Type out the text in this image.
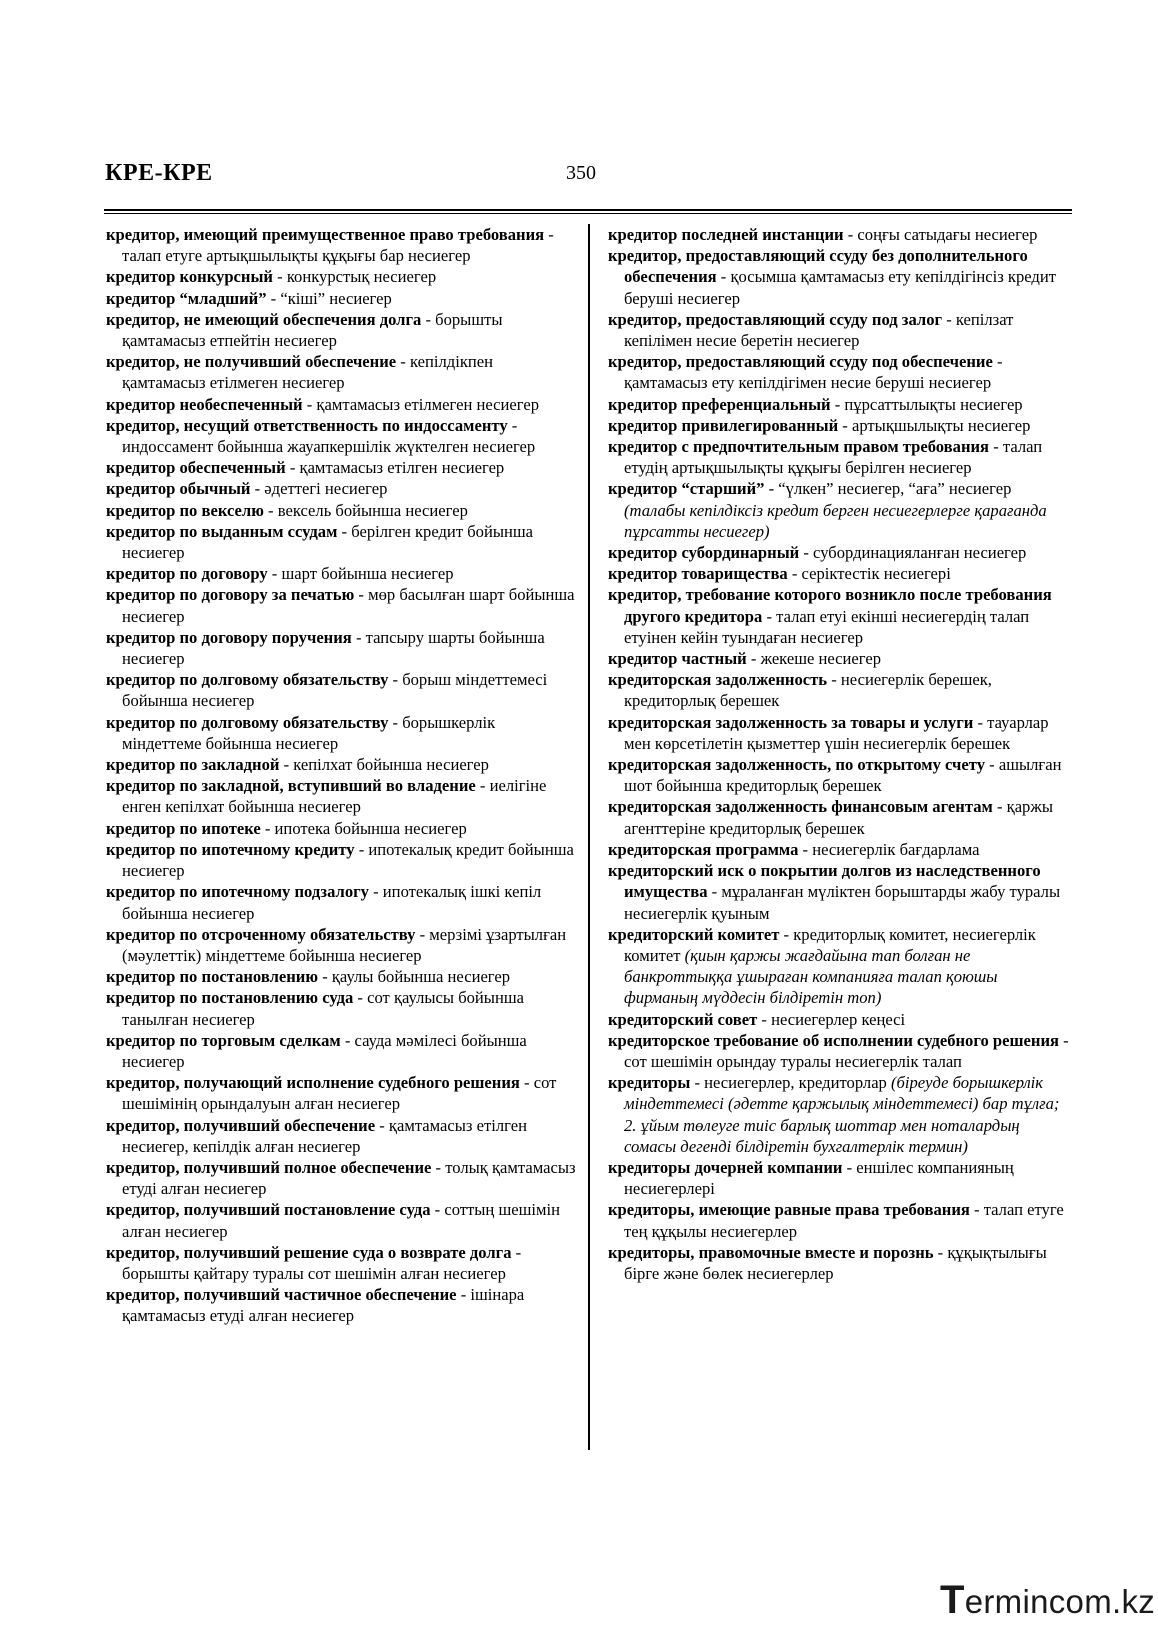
КРЕ-КРЕ	350
кредитор, имеющий преимущественное право требования - талап етуге артықшылықты құқығы бар несиегер
кредитор конкурсный - конкурстық несиегер
кредитор “младший” - “кіші” несиегер
кредитор, не имеющий обеспечения долга - борышты қамтамасыз етпейтін несиегер
кредитор, не получивший обеспечение - кепілдікпен қамтамасыз етілмеген несиегер
кредитор необеспеченный - қамтамасыз етілмеген несиегер
кредитор, несущий ответственность по индоссаменту - индоссамент бойынша жауапкершілік жүктелген несиегер
кредитор обеспеченный - қамтамасыз етілген несиегер
кредитор обычный - әдеттегі несиегер
кредитор по векселю - вексель бойынша несиегер
кредитор по выданным ссудам - берілген кредит бойынша несиегер
кредитор по договору - шарт бойынша несиегер
кредитор по договору за печатью - мөр басылған шарт бойынша несиегер
кредитор по договору поручения - тапсыру шарты бойынша несиегер
кредитор по долговому обязательству - борыш міндеттемесі бойынша несиегер
кредитор по долговому обязательству - борышкерлік міндеттеме бойынша несиегер
кредитор по закладной - кепілхат бойынша несиегер
кредитор по закладной, вступивший во владение - иелігіне енген кепілхат бойынша несиегер
кредитор по ипотеке - ипотека бойынша несиегер
кредитор по ипотечному кредиту - ипотекалық кредит бойынша несиегер
кредитор по ипотечному подзалогу - ипотекалық ішкі кепіл бойынша несиегер
кредитор по отсроченному обязательству - мерзімі ұзартылған (мәулеттік) міндеттеме бойынша несиегер
кредитор по постановлению - қаулы бойынша несиегер
кредитор по постановлению суда - сот қаулысы бойынша танылған несиегер
кредитор по торговым сделкам - сауда мәмілесі бойынша несиегер
кредитор, получающий исполнение судебного решения - сот шешімінің орындалуын алған несиегер
кредитор, получивший обеспечение - қамтамасыз етілген несиегер, кепілдік алған несиегер
кредитор, получивший полное обеспечение - толық қамтамасыз етуді алған несиегер
кредитор, получивший постановление суда - соттың шешімін алған несиегер
кредитор, получивший решение суда о возврате долга - борышты қайтару туралы сот шешімін алған несиегер
кредитор, получивший частичное обеспечение - ішінара қамтамасыз етуді алған несиегер
кредитор последней инстанции - соңғы сатыдағы несиегер
кредитор, предоставляющий ссуду без дополнительного обеспечения - қосымша қамтамасыз ету кепілдігінсіз кредит беруші несиегер
кредитор, предоставляющий ссуду под залог - кепілзат кепілімен несие беретін несиегер
кредитор, предоставляющий ссуду под обеспечение - қамтамасыз ету кепілдігімен несие беруші несиегер
кредитор преференциальный - пұрсаттылықты несиегер
кредитор привилегированный - артықшылықты несиегер
кредитор с предпочтительным правом требования - талап етудің артықшылықты құқығы берілген несиегер
кредитор “старший” - “үлкен” несиегер, “аға” несиегер (талабы кепілдіксіз кредит берген несиегерлерге қарағанда пұрсатты несиегер)
кредитор субординарный - субординацияланған несиегер
кредитор товарищества - серіктестік несиегері
кредитор, требование которого возникло после требования другого кредитора - талап етуі екінші несиегердің талап етуінен кейін туындаған несиегер
кредитор частный - жекеше несиегер
кредиторская задолженность - несиегерлік берешек, кредиторлық берешек
кредиторская задолженность за товары и услуги - тауарлар мен көрсетілетін қызметтер үшін несиегерлік берешек
кредиторская задолженность, по открытому счету - ашылған шот бойынша кредиторлық берешек
кредиторская задолженность финансовым агентам - қаржы агенттеріне кредиторлық берешек
кредиторская программа - несиегерлік бағдарлама
кредиторский иск о покрытии долгов из наследственного имущества - мұраланған мүліктен борыштарды жабу туралы несиегерлік қуыным
кредиторский комитет - кредиторлық комитет, несиегерлік комитет (қиын қаржы жағдайына тап болған не банкроттыққа ұшыраған компанияға талап қоюшы фирманың мүддесін білдіретін топ)
кредиторский совет - несиегерлер кеңесі
кредиторское требование об исполнении судебного решения - сот шешімін орындау туралы несиегерлік талап
кредиторы - несиегерлер, кредиторлар (біреуде борышкерлік міндеттемесі (әдетте қаржылық міндеттемесі) бар тұлға; 2. ұйым төлеуге тиіс барлық шоттар мен ноталардың сомасы дегенді білдіретін бухгалтерлік термин)
кредиторы дочерней компании - еншілес компанияның несиегерлері
кредиторы, имеющие равные права требования - талап етуге тең құқылы несиегерлер
кредиторы, правомочные вместе и порознь - құқықтылығы бірге және бөлек несиегерлер
Termincom.kz
